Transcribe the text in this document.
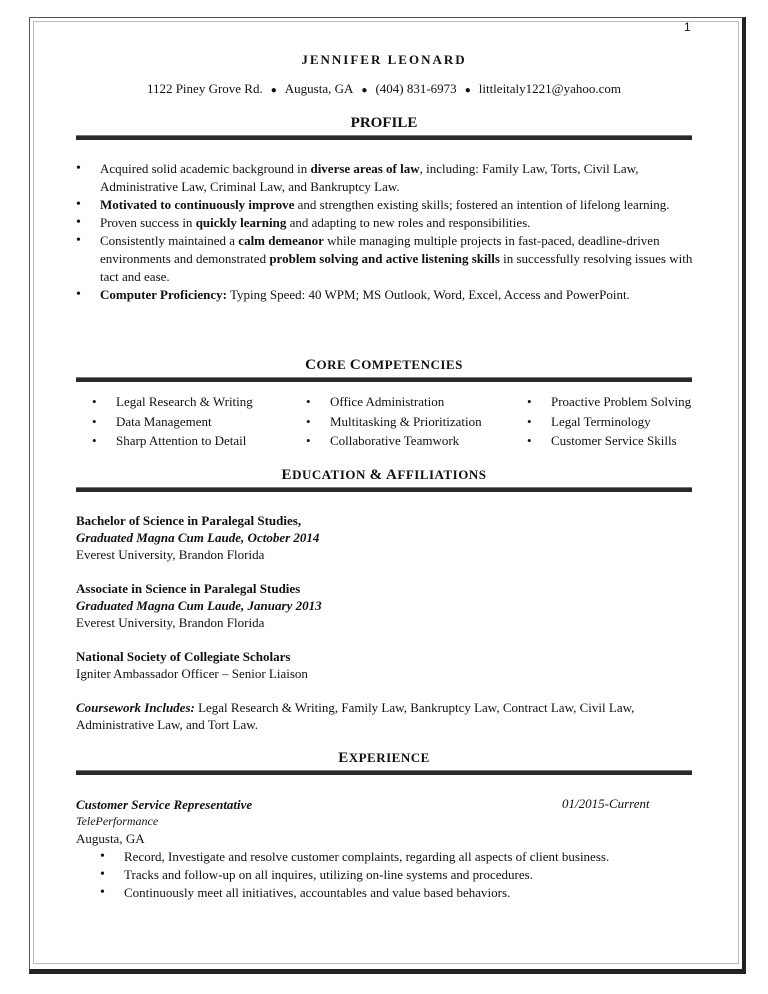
1
JENNIFER LEONARD
1122 Piney Grove Rd. ● Augusta, GA ● (404) 831-6973 ● littleitaly1221@yahoo.com
PROFILE
• Acquired solid academic background in diverse areas of law, including: Family Law, Torts, Civil Law, Administrative Law, Criminal Law, and Bankruptcy Law.
• Motivated to continuously improve and strengthen existing skills; fostered an intention of lifelong learning.
• Proven success in quickly learning and adapting to new roles and responsibilities.
• Consistently maintained a calm demeanor while managing multiple projects in fast-paced, deadline-driven environments and demonstrated problem solving and active listening skills in successfully resolving issues with tact and ease.
• Computer Proficiency: Typing Speed: 40 WPM; MS Outlook, Word, Excel, Access and PowerPoint.
CORE COMPETENCIES
• Legal Research & Writing
• Data Management
• Sharp Attention to Detail
• Office Administration
• Multitasking & Prioritization
• Collaborative Teamwork
• Proactive Problem Solving
• Legal Terminology
• Customer Service Skills
EDUCATION & AFFILIATIONS
Bachelor of Science in Paralegal Studies,
Graduated Magna Cum Laude, October 2014
Everest University, Brandon Florida
Associate in Science in Paralegal Studies
Graduated Magna Cum Laude, January 2013
Everest University, Brandon Florida
National Society of Collegiate Scholars
Igniter Ambassador Officer – Senior Liaison
Coursework Includes: Legal Research & Writing, Family Law, Bankruptcy Law, Contract Law, Civil Law, Administrative Law, and Tort Law.
EXPERIENCE
Customer Service Representative
TelePerformance
Augusta, GA
01/2015-Current
• Record, Investigate and resolve customer complaints, regarding all aspects of client business.
• Tracks and follow-up on all inquires, utilizing on-line systems and procedures.
• Continuously meet all initiatives, accountables and value based behaviors.
